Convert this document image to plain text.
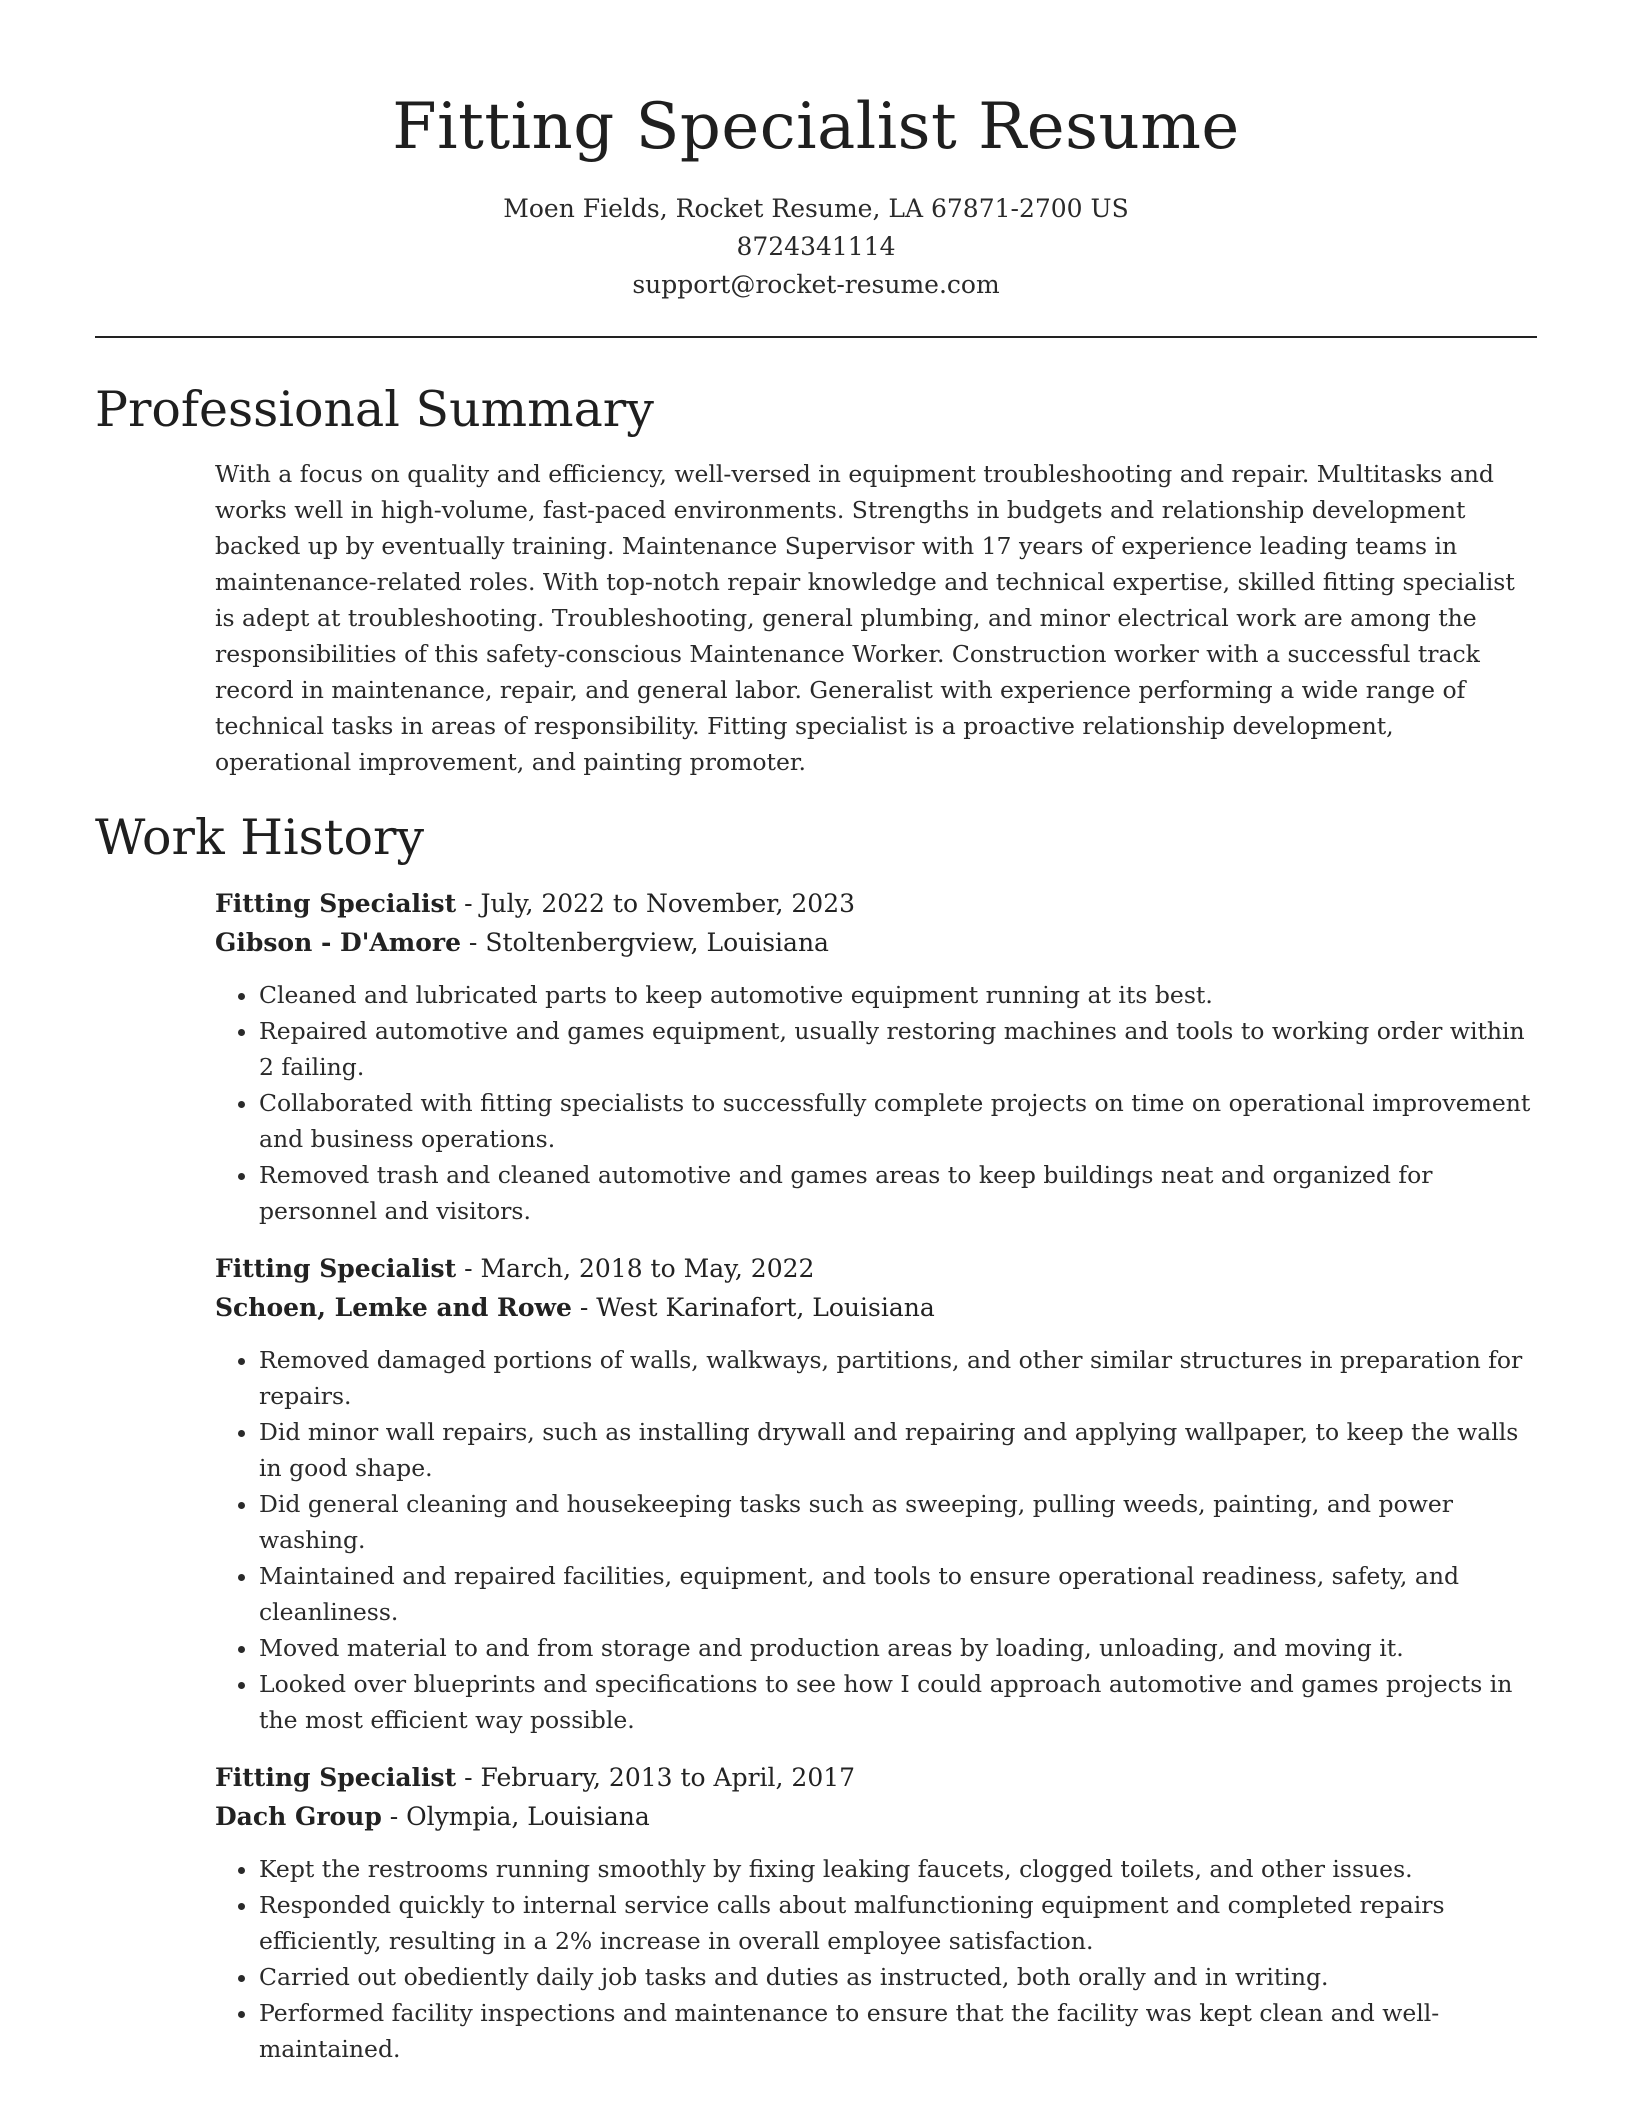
Fitting Specialist Resume

Moen Fields, Rocket Resume, LA 67871-2700 US

8724341114

support@rocket-resume.com

Professional Summary

With a focus on quality and efficiency, well-versed in equipment troubleshooting and repair. Multitasks and works well in high-volume, fast-paced environments. Strengths in budgets and relationship development backed up by eventually training. Maintenance Supervisor with 17 years of experience leading teams in maintenance-related roles. With top-notch repair knowledge and technical expertise, skilled fitting specialist is adept at troubleshooting. Troubleshooting, general plumbing, and minor electrical work are among the responsibilities of this safety-conscious Maintenance Worker. Construction worker with a successful track record in maintenance, repair, and general labor. Generalist with experience performing a wide range of technical tasks in areas of responsibility. Fitting specialist is a proactive relationship development, operational improvement, and painting promoter.

Work History

Fitting Specialist - July, 2022 to November, 2023

Gibson - D'Amore - Stoltenbergview, Louisiana

• Cleaned and lubricated parts to keep automotive equipment running at its best.
• Repaired automotive and games equipment, usually restoring machines and tools to working order within 2 failing.
• Collaborated with fitting specialists to successfully complete projects on time on operational improvement and business operations.
• Removed trash and cleaned automotive and games areas to keep buildings neat and organized for personnel and visitors.

Fitting Specialist - March, 2018 to May, 2022

Schoen, Lemke and Rowe - West Karinafort, Louisiana

• Removed damaged portions of walls, walkways, partitions, and other similar structures in preparation for repairs.
• Did minor wall repairs, such as installing drywall and repairing and applying wallpaper, to keep the walls in good shape.
• Did general cleaning and housekeeping tasks such as sweeping, pulling weeds, painting, and power washing.
• Maintained and repaired facilities, equipment, and tools to ensure operational readiness, safety, and cleanliness.
• Moved material to and from storage and production areas by loading, unloading, and moving it.
• Looked over blueprints and specifications to see how I could approach automotive and games projects in the most efficient way possible.

Fitting Specialist - February, 2013 to April, 2017

Dach Group - Olympia, Louisiana

• Kept the restrooms running smoothly by fixing leaking faucets, clogged toilets, and other issues.
• Responded quickly to internal service calls about malfunctioning equipment and completed repairs efficiently, resulting in a 2% increase in overall employee satisfaction.
• Carried out obediently daily job tasks and duties as instructed, both orally and in writing.
• Performed facility inspections and maintenance to ensure that the facility was kept clean and well-maintained.
